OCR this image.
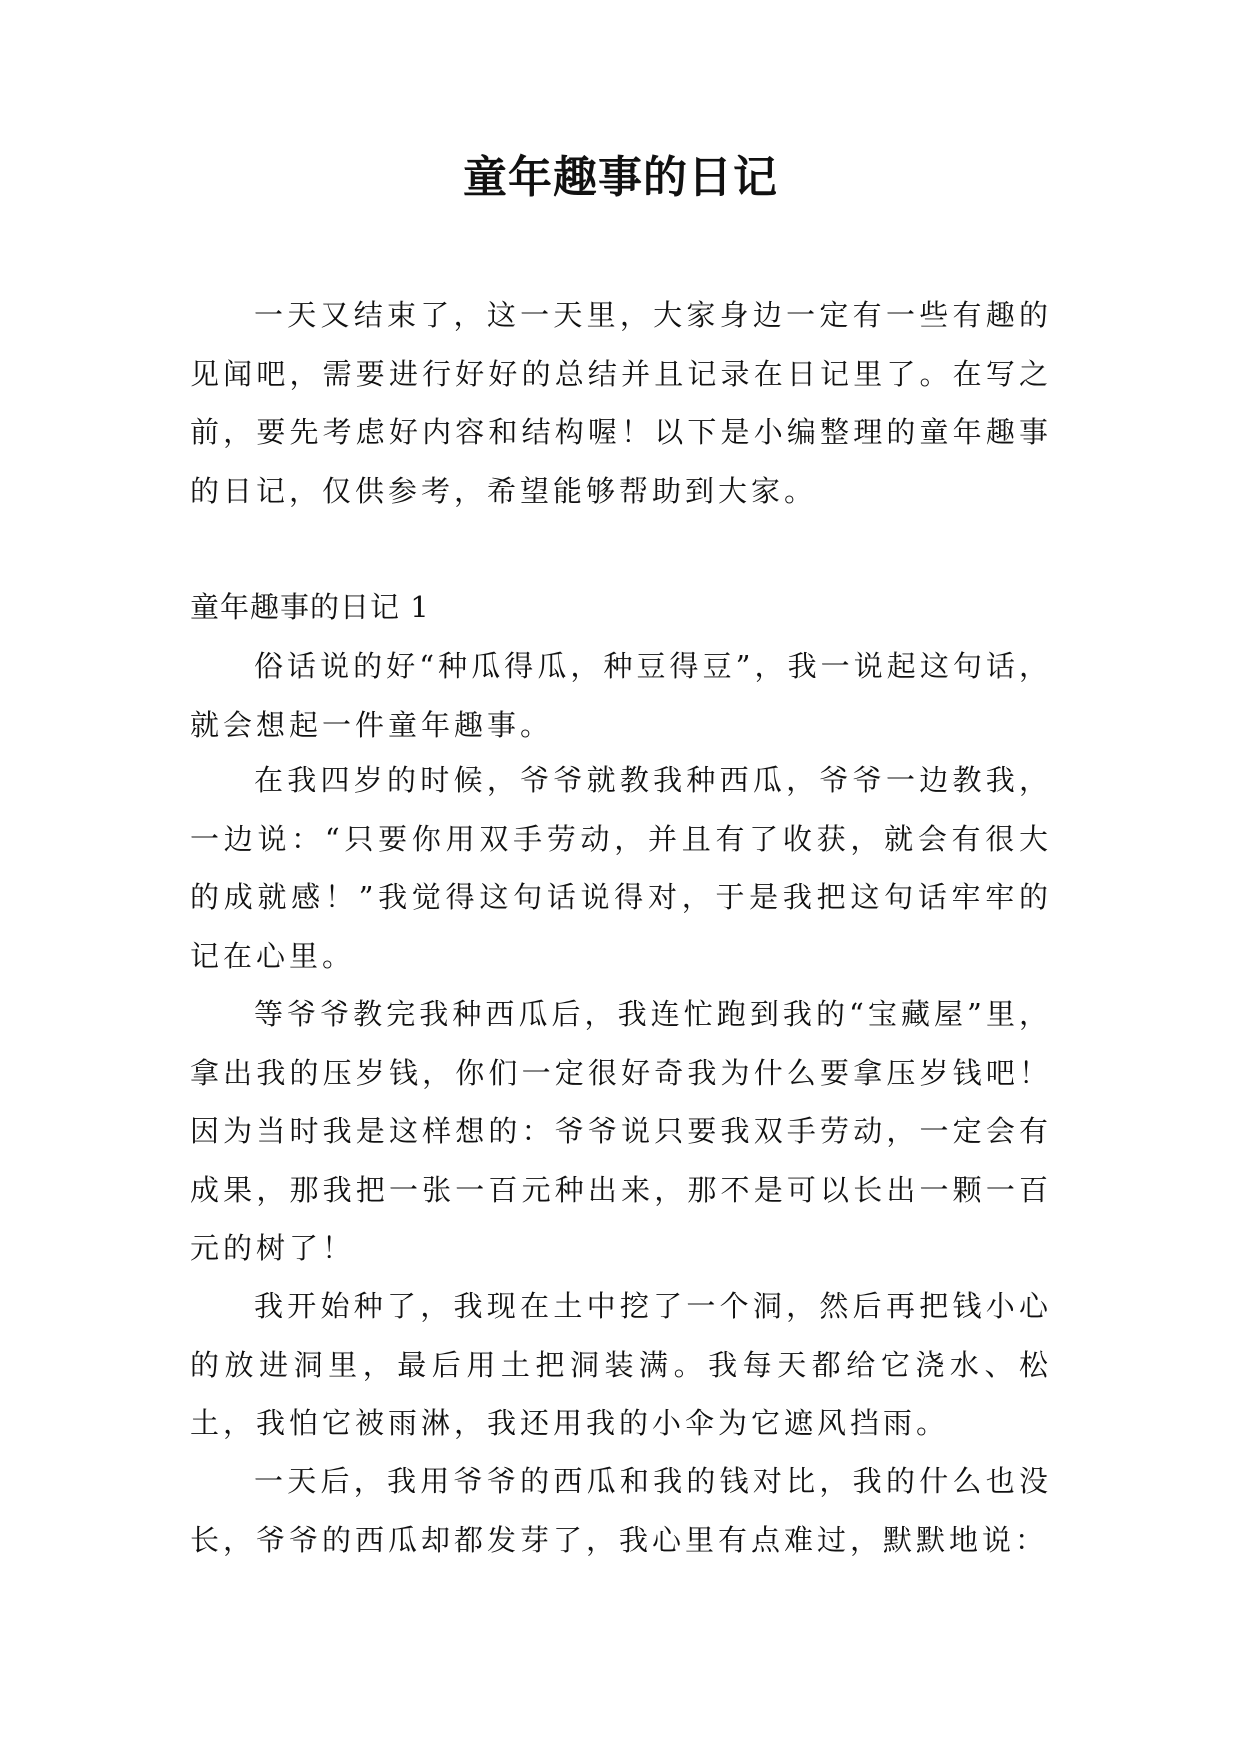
童年趣事的日记

一天又结束了，这一天里，大家身边一定有一些有趣的见闻吧，需要进行好好的总结并且记录在日记里了。在写之前，要先考虑好内容和结构喔！以下是小编整理的童年趣事的日记，仅供参考，希望能够帮助到大家。

童年趣事的日记 1

俗话说的好“种瓜得瓜，种豆得豆”，我一说起这句话，就会想起一件童年趣事。

在我四岁的时候，爷爷就教我种西瓜，爷爷一边教我，一边说：“只要你用双手劳动，并且有了收获，就会有很大的成就感！”我觉得这句话说得对，于是我把这句话牢牢的记在心里。

等爷爷教完我种西瓜后，我连忙跑到我的“宝藏屋”里，拿出我的压岁钱，你们一定很好奇我为什么要拿压岁钱吧！因为当时我是这样想的：爷爷说只要我双手劳动，一定会有成果，那我把一张一百元种出来，那不是可以长出一颗一百元的树了！

我开始种了，我现在土中挖了一个洞，然后再把钱小心的放进洞里，最后用土把洞装满。我每天都给它浇水、松土，我怕它被雨淋，我还用我的小伞为它遮风挡雨。

一天后，我用爷爷的西瓜和我的钱对比，我的什么也没长，爷爷的西瓜却都发芽了，我心里有点难过，默默地说：
